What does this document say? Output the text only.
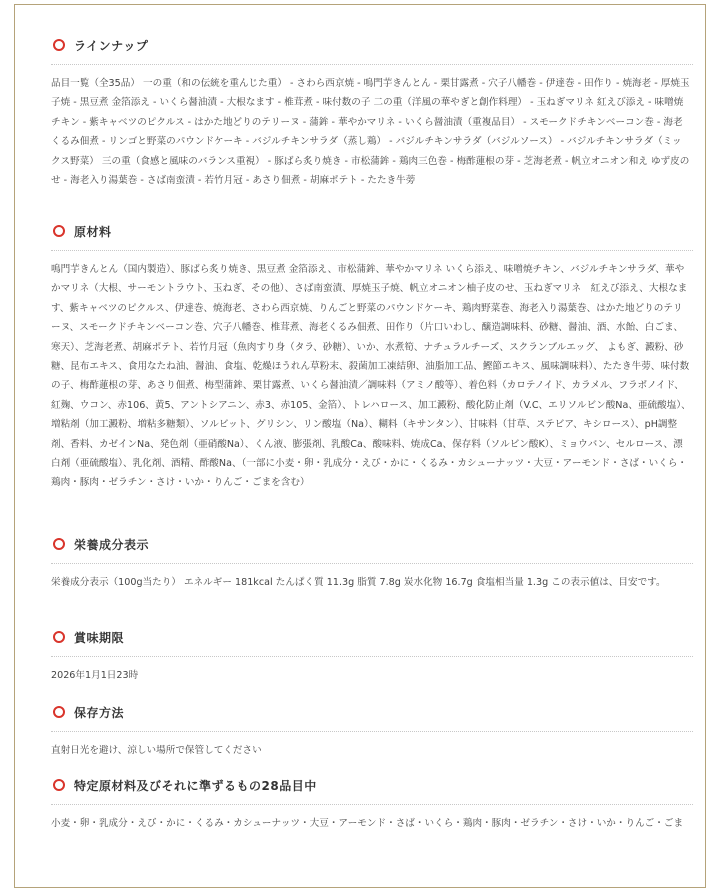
ラインナップ
品目一覧（全35品） 一の重（和の伝統を重んじた重） - さわら西京焼 - 鳴門芋きんとん - 栗甘露煮 - 穴子八幡巻 - 伊達巻 - 田作り - 焼海老 - 厚焼玉子焼 - 黒豆煮 金箔添え - いくら醤油漬 - 大根なます - 椎茸煮 - 味付数の子 二の重（洋風の華やぎと創作料理） - 玉ねぎマリネ 紅えび添え - 味噌焼チキン - 紫キャベツのピクルス - はかた地どりのテリーヌ - 蒲鉾 - 華やかマリネ - いくら醤油漬（重複品目） - スモークドチキンベーコン巻 - 海老くるみ佃煮 - リンゴと野菜のパウンドケーキ - バジルチキンサラダ（蒸し鶏） - バジルチキンサラダ（バジルソース） - バジルチキンサラダ（ミックス野菜） 三の重（食感と風味のバランス重視） - 豚ばら炙り焼き - 市松蒲鉾 - 鶏肉三色巻 - 梅酢蓮根の芽 - 芝海老煮 - 帆立オニオン和え ゆず皮のせ - 海老入り湯葉巻 - さば南蛮漬 - 若竹月冠 - あさり佃煮 - 胡麻ポテト - たたき牛蒡
原材料
鳴門芋きんとん（国内製造）、豚ばら炙り焼き、黒豆煮 金箔添え、市松蒲鉾、華やかマリネ いくら添え、味噌焼チキン、バジルチキンサラダ、華やかマリネ（大根、サーモントラウト、玉ねぎ、その他）、さば南蛮漬、厚焼玉子焼、帆立オニオン柚子皮のせ、玉ねぎマリネ　紅えび添え、大根なます、紫キャベツのピクルス、伊達巻、焼海老、さわら西京焼、りんごと野菜のパウンドケーキ、鶏肉野菜巻、海老入り湯葉巻、はかた地どりのテリーヌ、スモークドチキンベーコン巻、穴子八幡巻、椎茸煮、海老くるみ佃煮、田作り（片口いわし、醸造調味料、砂糖、醤油、酒、水飴、白ごま、寒天）、芝海老煮、胡麻ポテト、若竹月冠（魚肉すり身（タラ、砂糖）、いか、水煮筍、ナチュラルチーズ、スクランブルエッグ、 よもぎ、澱粉、砂糖、昆布エキス、食用なたね油、醤油、食塩、乾燥ほうれん草粉末、殺菌加工凍結卵、油脂加工品、鰹節エキス、風味調味料）、たたき牛蒡、味付数の子、梅酢蓮根の芽、あさり佃煮、梅型蒲鉾、栗甘露煮、いくら醤油漬／調味料（アミノ酸等）、着色料（カロテノイド、カラメル、フラボノイド、紅麹、ウコン、赤106、黄5、アントシアニン、赤3、赤105、金箔）、トレハロース、加工澱粉、酸化防止剤（V.C、エリソルビン酸Na、亜硫酸塩）、増粘剤（加工澱粉、増粘多糖類）、ソルビット、グリシン、リン酸塩（Na）、糊料（キサンタン）、甘味料（甘草、ステビア、キシロース）、pH調整剤、香料、カゼインNa、発色剤（亜硝酸Na）、くん液、膨張剤、乳酸Ca、酸味料、焼成Ca、保存料（ソルビン酸K）、ミョウバン、セルロース、漂白剤（亜硫酸塩）、乳化剤、酒精、酢酸Na、（一部に小麦・卵・乳成分・えび・かに・くるみ・カシューナッツ・大豆・アーモンド・さば・いくら・鶏肉・豚肉・ゼラチン・さけ・いか・りんご・ごまを含む）
栄養成分表示
栄養成分表示（100g当たり） エネルギー 181kcal たんぱく質 11.3g 脂質 7.8g 炭水化物 16.7g 食塩相当量 1.3g この表示値は、目安です。
賞味期限
2026年1月1日23時
保存方法
直射日光を避け、涼しい場所で保管してください
特定原材料及びそれに準ずるもの28品目中
小麦・卵・乳成分・えび・かに・くるみ・カシューナッツ・大豆・アーモンド・さば・いくら・鶏肉・豚肉・ゼラチン・さけ・いか・りんご・ごま
